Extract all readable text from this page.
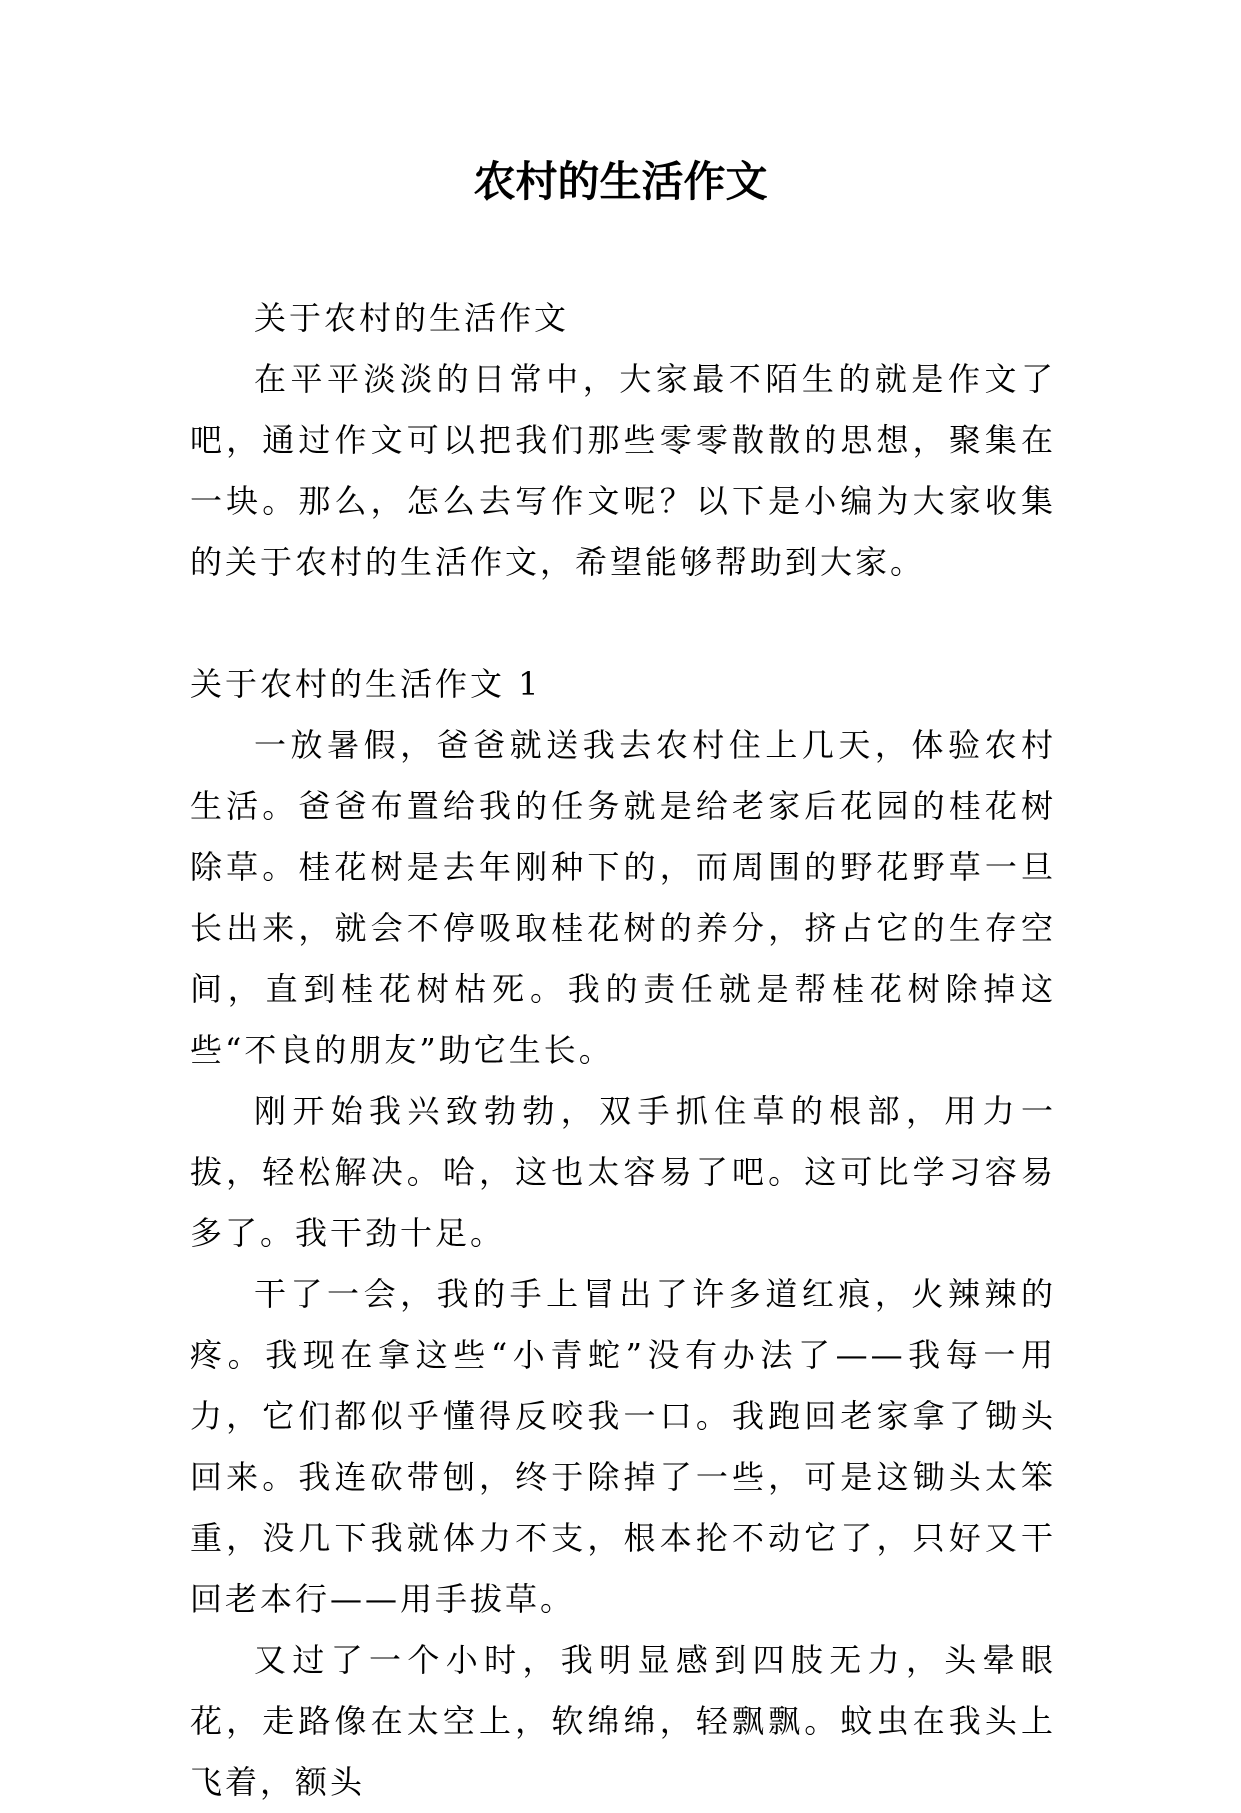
农村的生活作文

关于农村的生活作文

在平平淡淡的日常中，大家最不陌生的就是作文了吧，通过作文可以把我们那些零零散散的思想，聚集在一块。那么，怎么去写作文呢？以下是小编为大家收集的关于农村的生活作文，希望能够帮助到大家。

关于农村的生活作文 1

一放暑假，爸爸就送我去农村住上几天，体验农村生活。爸爸布置给我的任务就是给老家后花园的桂花树除草。桂花树是去年刚种下的，而周围的野花野草一旦长出来，就会不停吸取桂花树的养分，挤占它的生存空间，直到桂花树枯死。我的责任就是帮桂花树除掉这些“不良的朋友”助它生长。

刚开始我兴致勃勃，双手抓住草的根部，用力一拔，轻松解决。哈，这也太容易了吧。这可比学习容易多了。我干劲十足。

干了一会，我的手上冒出了许多道红痕，火辣辣的疼。我现在拿这些“小青蛇”没有办法了——我每一用力，它们都似乎懂得反咬我一口。我跑回老家拿了锄头回来。我连砍带刨，终于除掉了一些，可是这锄头太笨重，没几下我就体力不支，根本抡不动它了，只好又干回老本行——用手拔草。

又过了一个小时，我明显感到四肢无力，头晕眼花，走路像在太空上，软绵绵，轻飘飘。蚊虫在我头上飞着，额头
